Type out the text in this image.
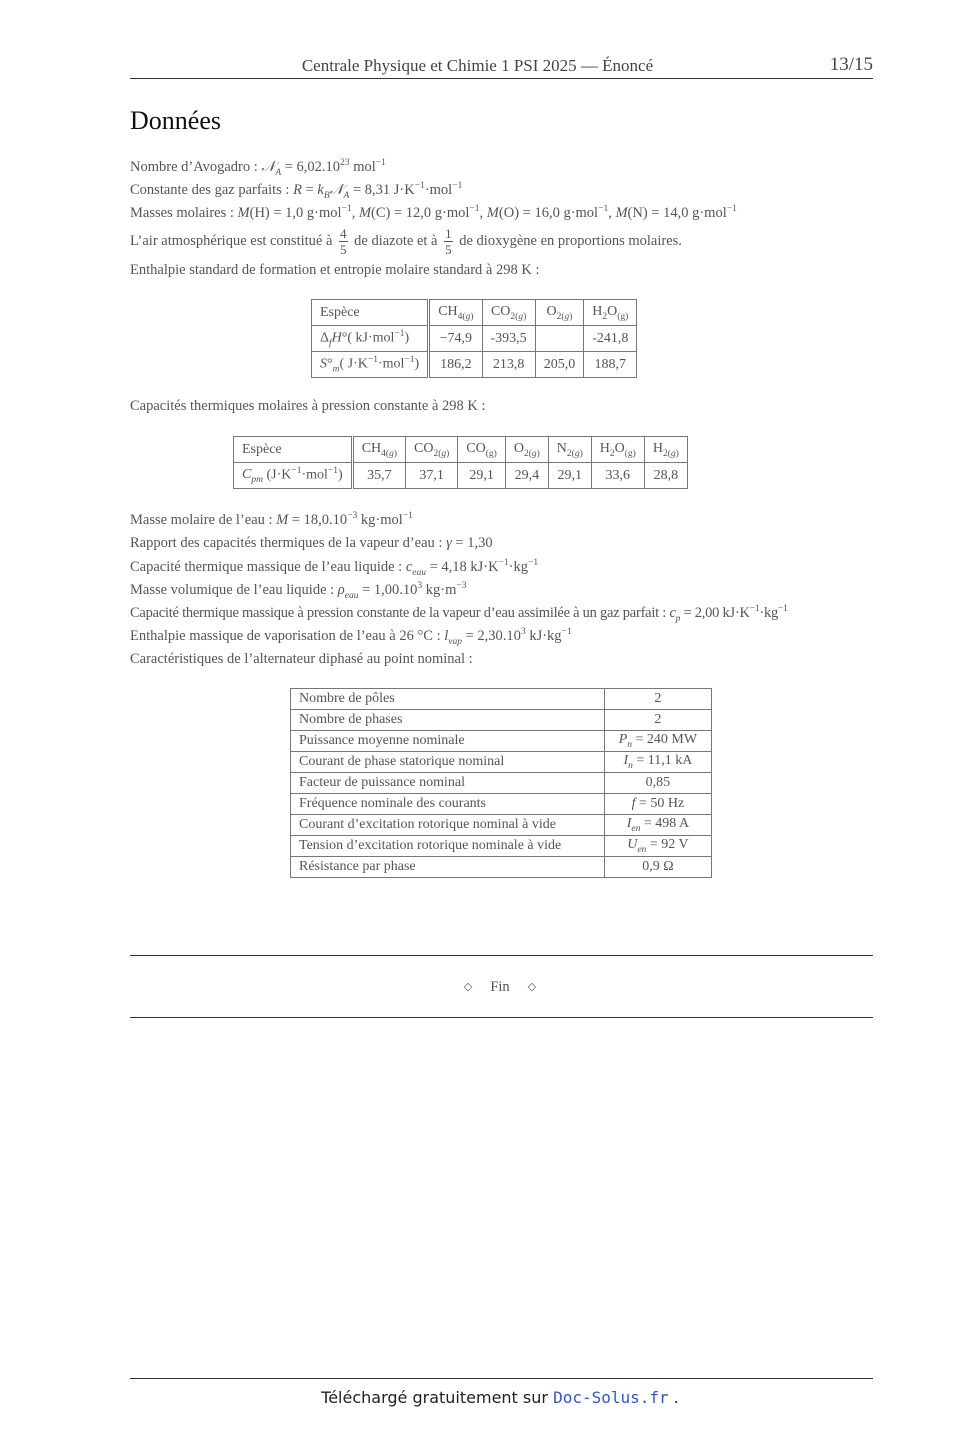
Centrale Physique et Chimie 1 PSI 2025 — Énoncé	13/15
Données
Nombre d’Avogadro : 𝒩$_A$ = $6,02.10^{23}$ mol$^{-1}$
Constante des gaz parfaits : $R = k_B𝒩_A = 8,31$ $J\cdot K^{-1}\cdot mol^{-1}$
Masses molaires : M(H) = 1,0 g·mol$^{-1}$, M(C) = 12,0 g·mol$^{-1}$, M(O) = 16,0 g·mol$^{-1}$, M(N) = 14,0 g·mol$^{-1}$
L’air atmosphérique est constitué à $\frac{4}{5}$ de diazote et à $\frac{1}{5}$ de dioxygène en proportions molaires.
Enthalpie standard de formation et entropie molaire standard à 298 K :
Espèce	$CH_{4(g)}$	$CO_{2(g)}$	$O_{2(g)}$	$H_2O_{(g)}$
$\Delta_fH^\circ$( kJ·mol$^{-1}$)	−74,9	-393,5		-241,8
$S^\circ_m$( $J\cdot K^{-1}\cdot mol^{-1}$)	186,2	213,8	205,0	188,7
Capacités thermiques molaires à pression constante à 298 K :
Espèce	$CH_{4(g)}$	$CO_{2(g)}$	$CO_{(g)}$	$O_{2(g)}$	$N_{2(g)}$	$H_2O_{(g)}$	$H_{2(g)}$
$C_{pm}$ $(J\cdot K^{-1}\cdot mol^{-1})$	35,7	37,1	29,1	29,4	29,1	33,6	28,8
Masse molaire de l’eau : $M = 18,0.10^{-3}$ kg·mol$^{-1}$
Rapport des capacités thermiques de la vapeur d’eau : γ = 1,30
Capacité thermique massique de l’eau liquide : $c_{eau} = 4,18$ $kJ\cdot K^{-1}\cdot kg^{-1}$
Masse volumique de l’eau liquide : $\rho_{eau} = 1,00.10^3$ $kg\cdot m^{-3}$
Capacité thermique massique à pression constante de la vapeur d’eau assimilée à un gaz parfait : $c_p = 2,00$ $kJ\cdot K^{-1}\cdot kg^{-1}$
Enthalpie massique de vaporisation de l’eau à 26 °C : $l_{vap} = 2,30.10^3$ $kJ\cdot kg^{-1}$
Caractéristiques de l’alternateur diphasé au point nominal :
Nombre de pôles	2
Nombre de phases	2
Puissance moyenne nominale	$P_n = 240$ MW
Courant de phase statorique nominal	$I_n = 11,1$ kA
Facteur de puissance nominal	0,85
Fréquence nominale des courants	f = 50 Hz
Courant d’excitation rotorique nominal à vide	$I_{en} = 498$ A
Tension d’excitation rotorique nominale à vide	$U_{en} = 92$ V
Résistance par phase	0,9 Ω
◇ Fin ◇
Téléchargé gratuitement sur Doc-Solus.fr .
